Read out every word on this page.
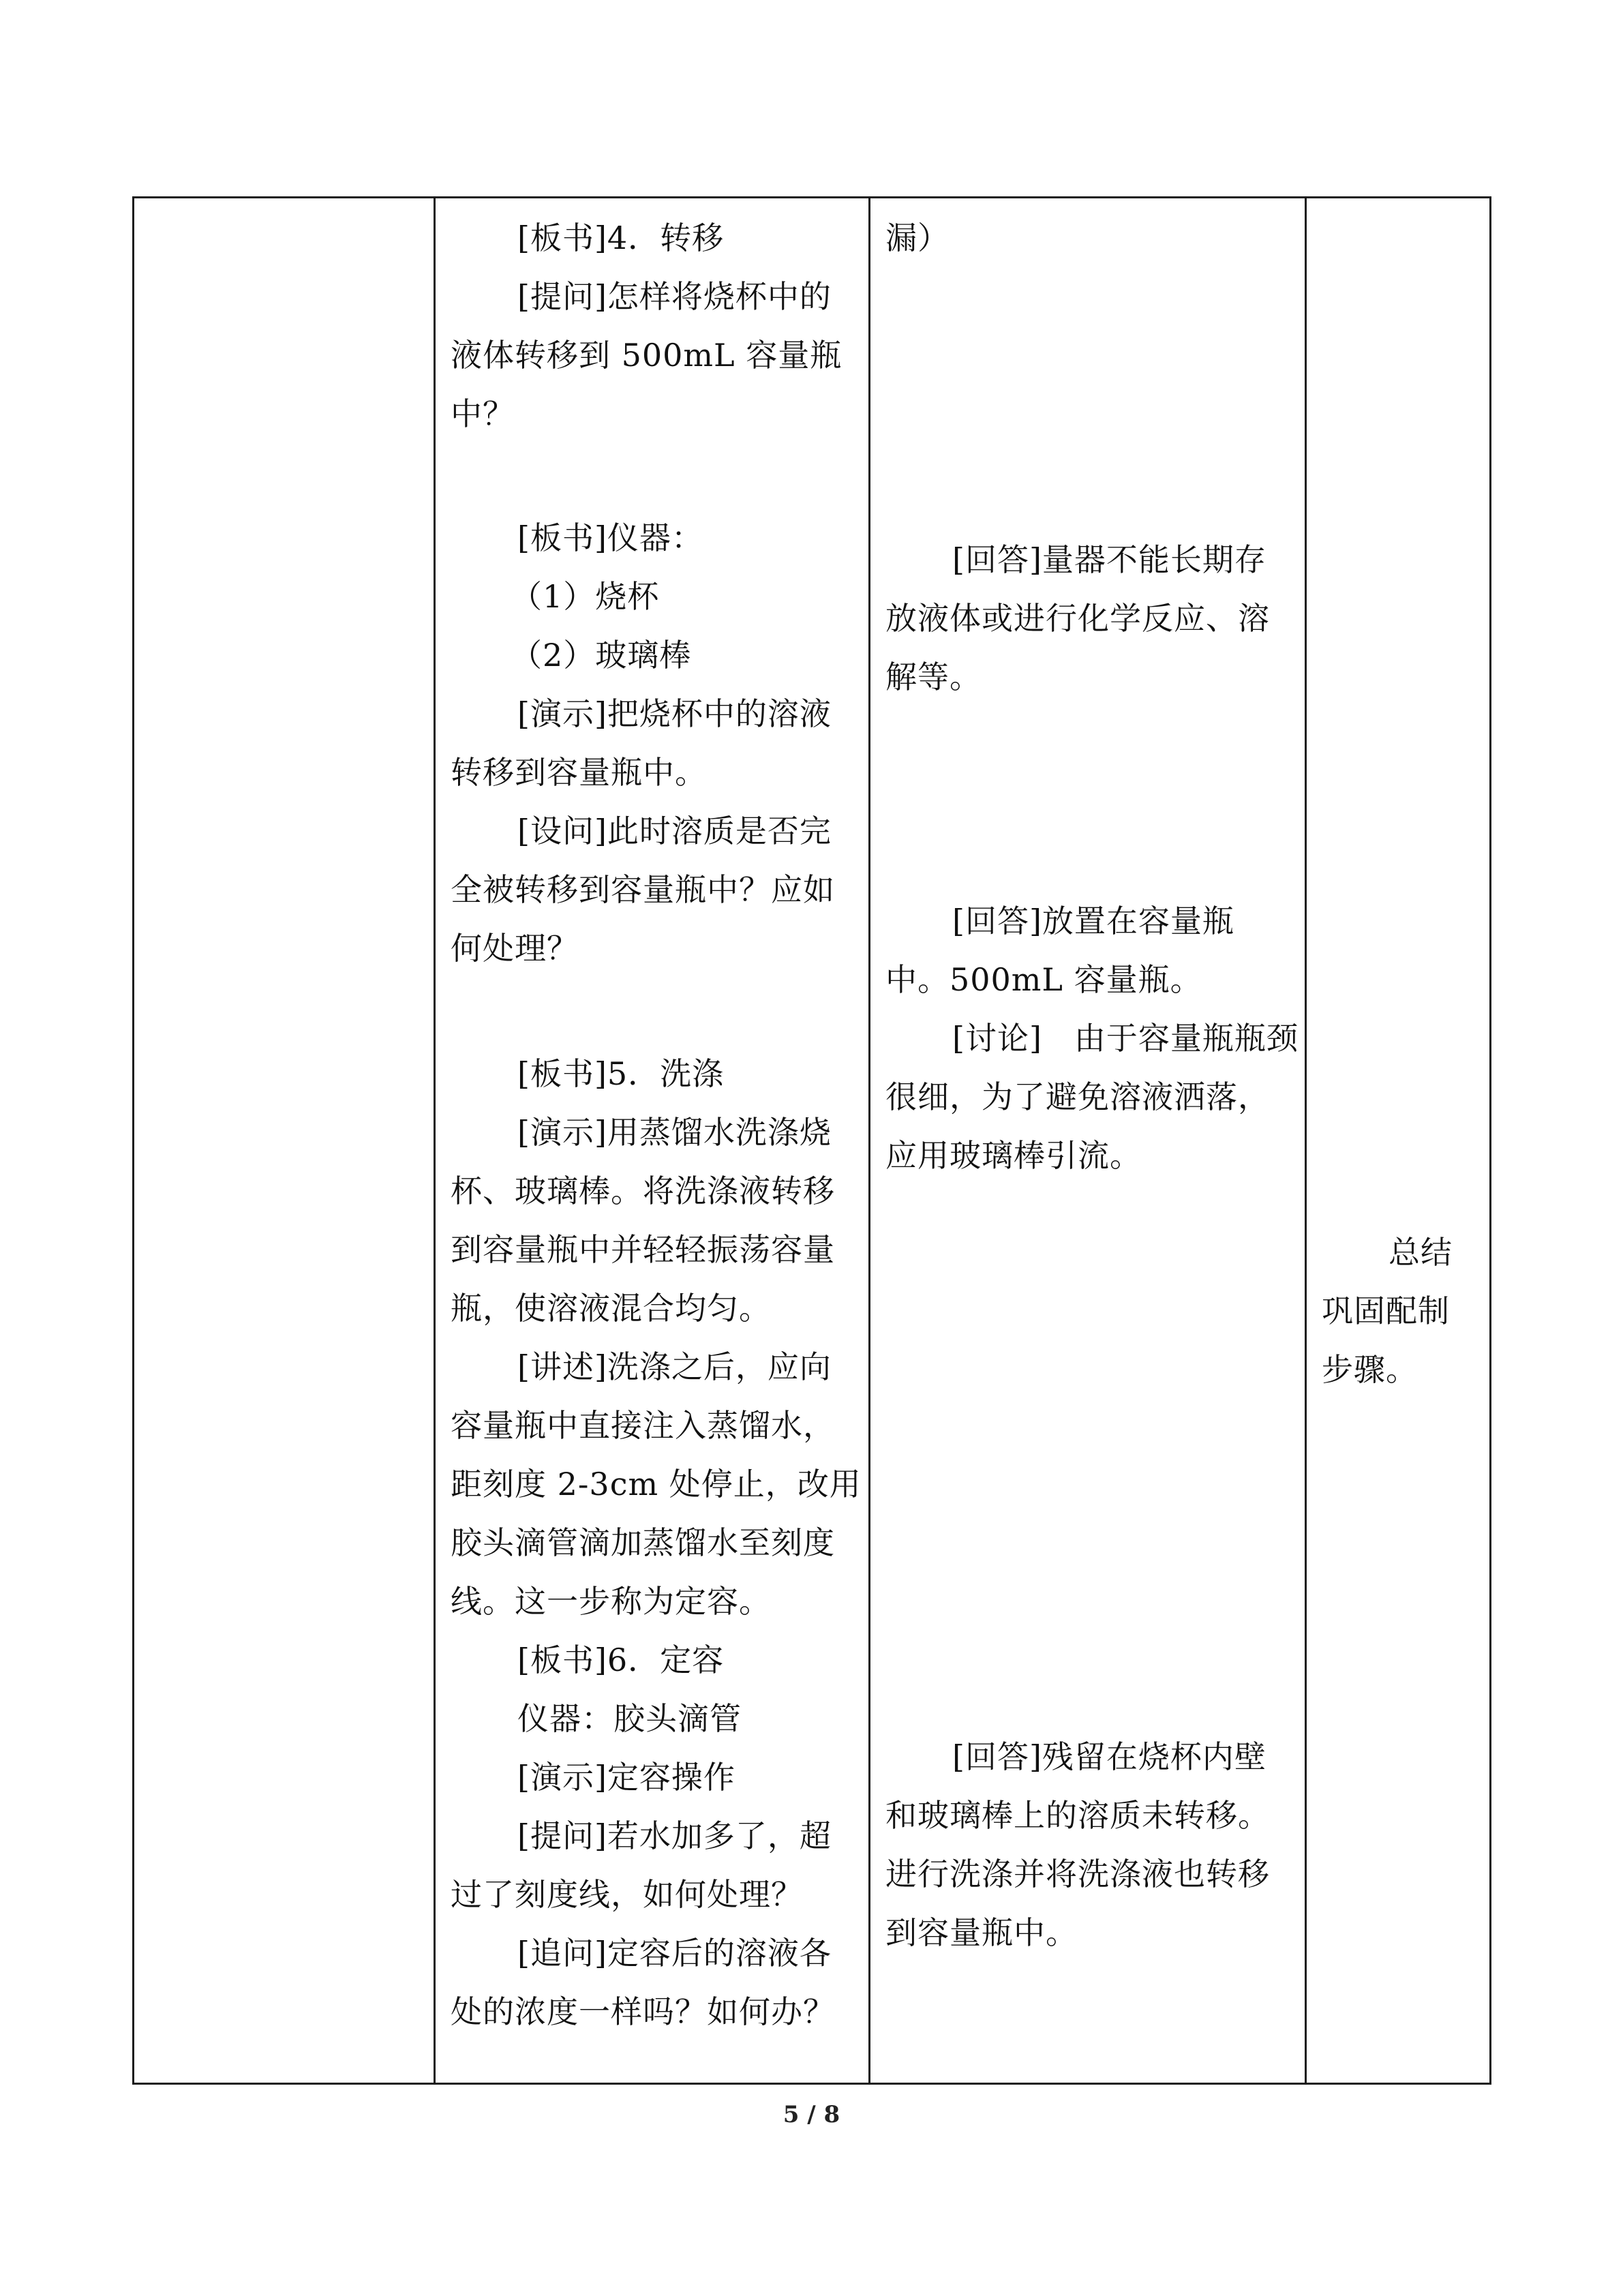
[板书]4．转移
[提问]怎样将烧杯中的
液体转移到 500mL 容量瓶
中？
[板书]仪器：
（1）烧杯
（2）玻璃棒
[演示]把烧杯中的溶液
转移到容量瓶中。
[设问]此时溶质是否完
全被转移到容量瓶中？应如
何处理？
[板书]5．洗涤
[演示]用蒸馏水洗涤烧
杯、玻璃棒。将洗涤液转移
到容量瓶中并轻轻振荡容量
瓶，使溶液混合均匀。
[讲述]洗涤之后，应向
容量瓶中直接注入蒸馏水，
距刻度 2-3cm 处停止，改用
胶头滴管滴加蒸馏水至刻度
线。这一步称为定容。
[板书]6．定容
仪器：胶头滴管
[演示]定容操作
[提问]若水加多了，超
过了刻度线，如何处理？
[追问]定容后的溶液各
处的浓度一样吗？如何办？
漏）
[回答]量器不能长期存
放液体或进行化学反应、溶
解等。
[回答]放置在容量瓶
中。500mL 容量瓶。
[讨论]　由于容量瓶瓶颈
很细，为了避免溶液洒落，
应用玻璃棒引流。
[回答]残留在烧杯内壁
和玻璃棒上的溶质未转移。
进行洗涤并将洗涤液也转移
到容量瓶中。
总结
巩固配制
步骤。
5 / 8
